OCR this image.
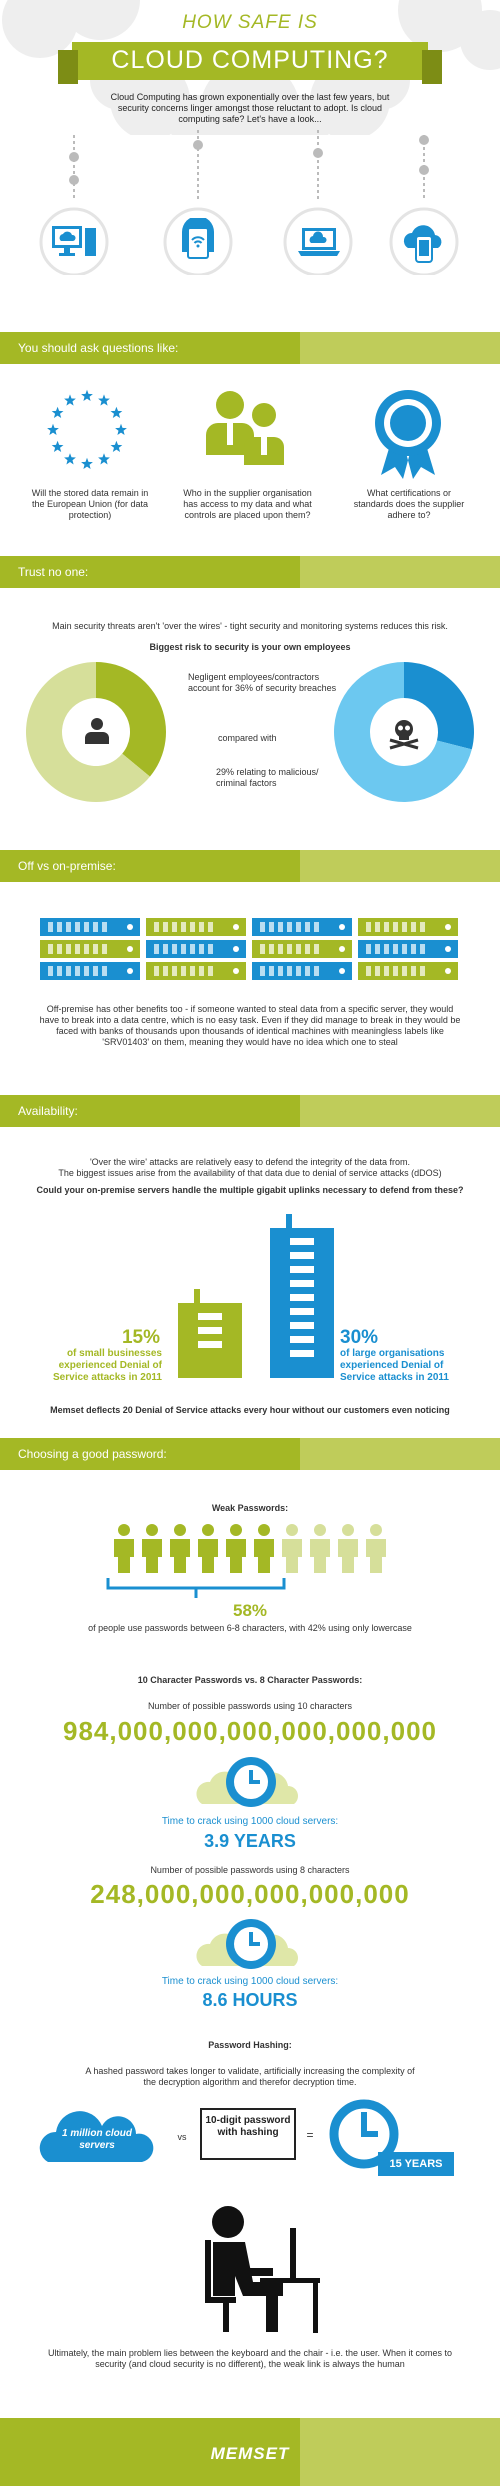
HOW SAFE IS
CLOUD COMPUTING?
Cloud Computing has grown exponentially over the last few years, but security concerns linger amongst those reluctant to adopt. Is cloud computing safe? Let's have a look...
You should ask questions like:
Will the stored data remain in the European Union (for data protection)
Who in the supplier organisation has access to my data and what controls are placed upon them?
What certifications or standards does the supplier adhere to?
Trust no one:
Main security threats aren't 'over the wires' - tight security and monitoring systems reduces this risk.
Biggest risk to security is your own employees
Negligent employees/contractors account for 36% of security breaches
compared with
29% relating to malicious/ criminal factors
Off vs on-premise:
Off-premise has other benefits too - if someone wanted to steal data from a specific server, they would have to break into a data centre, which is no easy task. Even if they did manage to break in they would be faced with banks of thousands upon thousands of identical machines with meaningless labels like 'SRV01403' on them, meaning they would have no idea which one to steal
Availability:
'Over the wire' attacks are relatively easy to defend the integrity of the data from.
The biggest issues arise from the availability of that data due to denial of service attacks (dDOS)
Could your on-premise servers handle the multiple gigabit uplinks necessary to defend from these?
15%
of small businesses experienced Denial of Service attacks in 2011
30%
of large organisations experienced Denial of Service attacks in 2011
Memset deflects 20 Denial of Service attacks every hour without our customers even noticing
Choosing a good password:
Weak Passwords:
58%
of people use passwords between 6-8 characters, with 42% using only lowercase
10 Character Passwords vs. 8 Character Passwords:
Number of possible passwords using 10 characters
984,000,000,000,000,000,000
Time to crack using 1000 cloud servers:
3.9 YEARS
Number of possible passwords using 8 characters
248,000,000,000,000,000
Time to crack using 1000 cloud servers:
8.6 HOURS
Password Hashing:
A hashed password takes longer to validate, artificially increasing the complexity of the decryption algorithm and therefor decryption time.
1 million cloud servers
vs
10-digit password with hashing	=
15 YEARS
Ultimately, the main problem lies between the keyboard and the chair - i.e. the user. When it comes to security (and cloud security is no different), the weak link is always the human
MEMSET
